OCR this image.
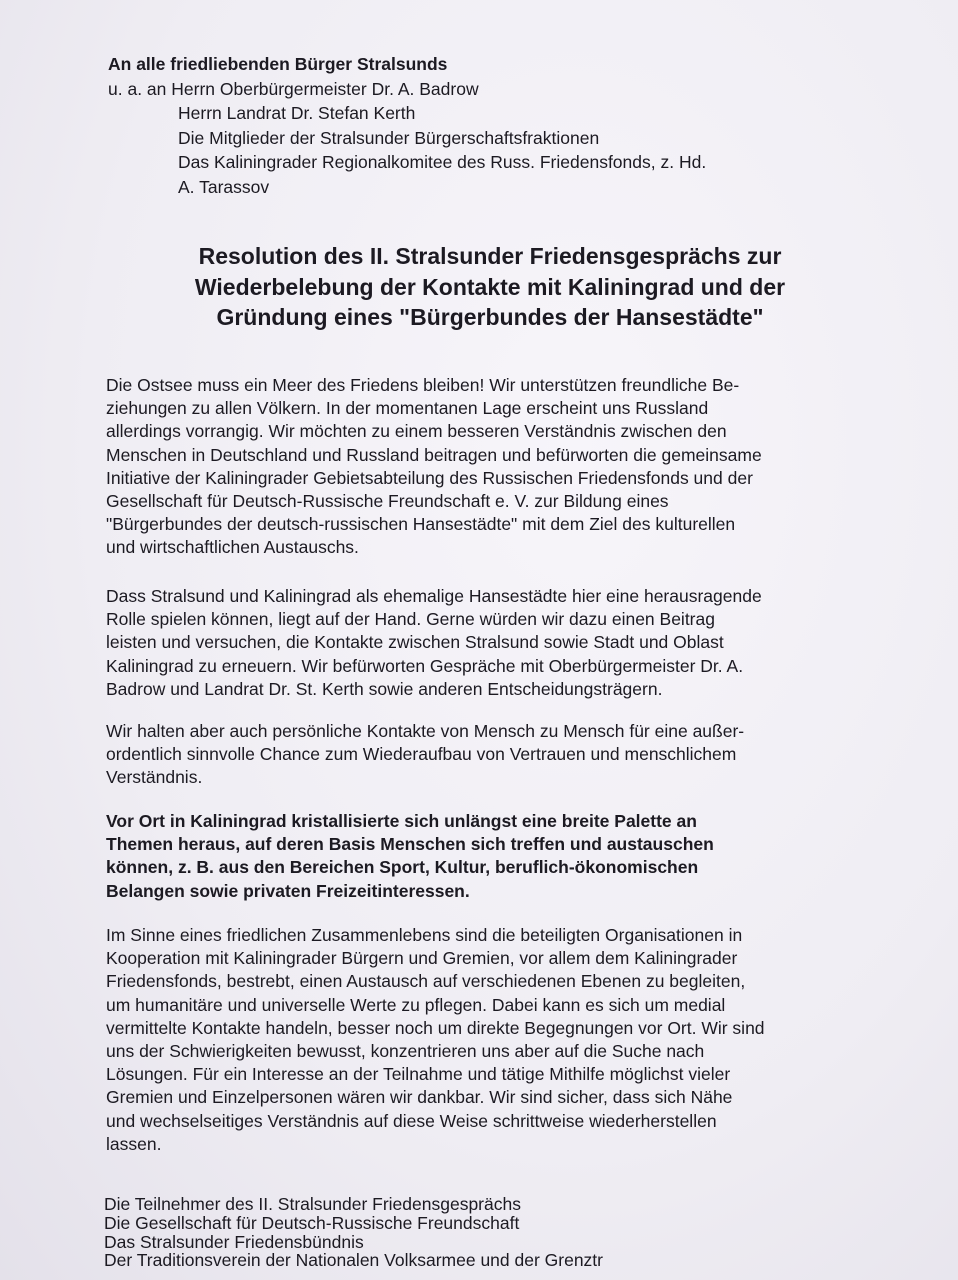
An alle friedliebenden Bürger Stralsunds
u. a. an Herrn Oberbürgermeister Dr. A. Badrow
Herrn Landrat Dr. Stefan Kerth
Die Mitglieder der Stralsunder Bürgerschaftsfraktionen
Das Kaliningrader Regionalkomitee des Russ. Friedensfonds, z. Hd.
A. Tarassov
Resolution des II. Stralsunder Friedensgesprächs zur
Wiederbelebung der Kontakte mit Kaliningrad und der
Gründung eines "Bürgerbundes der Hansestädte"
Die Ostsee muss ein Meer des Friedens bleiben! Wir unterstützen freundliche Be-
ziehungen zu allen Völkern. In der momentanen Lage erscheint uns Russland
allerdings vorrangig. Wir möchten zu einem besseren Verständnis zwischen den
Menschen in Deutschland und Russland beitragen und befürworten die gemeinsame
Initiative der Kaliningrader Gebietsabteilung des Russischen Friedensfonds und der
Gesellschaft für Deutsch-Russische Freundschaft e. V. zur Bildung eines
"Bürgerbundes der deutsch-russischen Hansestädte" mit dem Ziel des kulturellen
und wirtschaftlichen Austauschs.
Dass Stralsund und Kaliningrad als ehemalige Hansestädte hier eine herausragende
Rolle spielen können, liegt auf der Hand. Gerne würden wir dazu einen Beitrag
leisten und versuchen, die Kontakte zwischen Stralsund sowie Stadt und Oblast
Kaliningrad zu erneuern. Wir befürworten Gespräche mit Oberbürgermeister Dr. A.
Badrow und Landrat Dr. St. Kerth sowie anderen Entscheidungsträgern.
Wir halten aber auch persönliche Kontakte von Mensch zu Mensch für eine außer-
ordentlich sinnvolle Chance zum Wiederaufbau von Vertrauen und menschlichem
Verständnis.
Vor Ort in Kaliningrad kristallisierte sich unlängst eine breite Palette an
Themen heraus, auf deren Basis Menschen sich treffen und austauschen
können, z. B. aus den Bereichen Sport, Kultur, beruflich-ökonomischen
Belangen sowie privaten Freizeitinteressen.
Im Sinne eines friedlichen Zusammenlebens sind die beteiligten Organisationen in
Kooperation mit Kaliningrader Bürgern und Gremien, vor allem dem Kaliningrader
Friedensfonds, bestrebt, einen Austausch auf verschiedenen Ebenen zu begleiten,
um humanitäre und universelle Werte zu pflegen. Dabei kann es sich um medial
vermittelte Kontakte handeln, besser noch um direkte Begegnungen vor Ort. Wir sind
uns der Schwierigkeiten bewusst, konzentrieren uns aber auf die Suche nach
Lösungen. Für ein Interesse an der Teilnahme und tätige Mithilfe möglichst vieler
Gremien und Einzelpersonen wären wir dankbar. Wir sind sicher, dass sich Nähe
und wechselseitiges Verständnis auf diese Weise schrittweise wiederherstellen
lassen.
Die Teilnehmer des II. Stralsunder Friedensgesprächs
Die Gesellschaft für Deutsch-Russische Freundschaft
Das Stralsunder Friedensbündnis
Der Traditionsverein der Nationalen Volksarmee und der Grenztr
